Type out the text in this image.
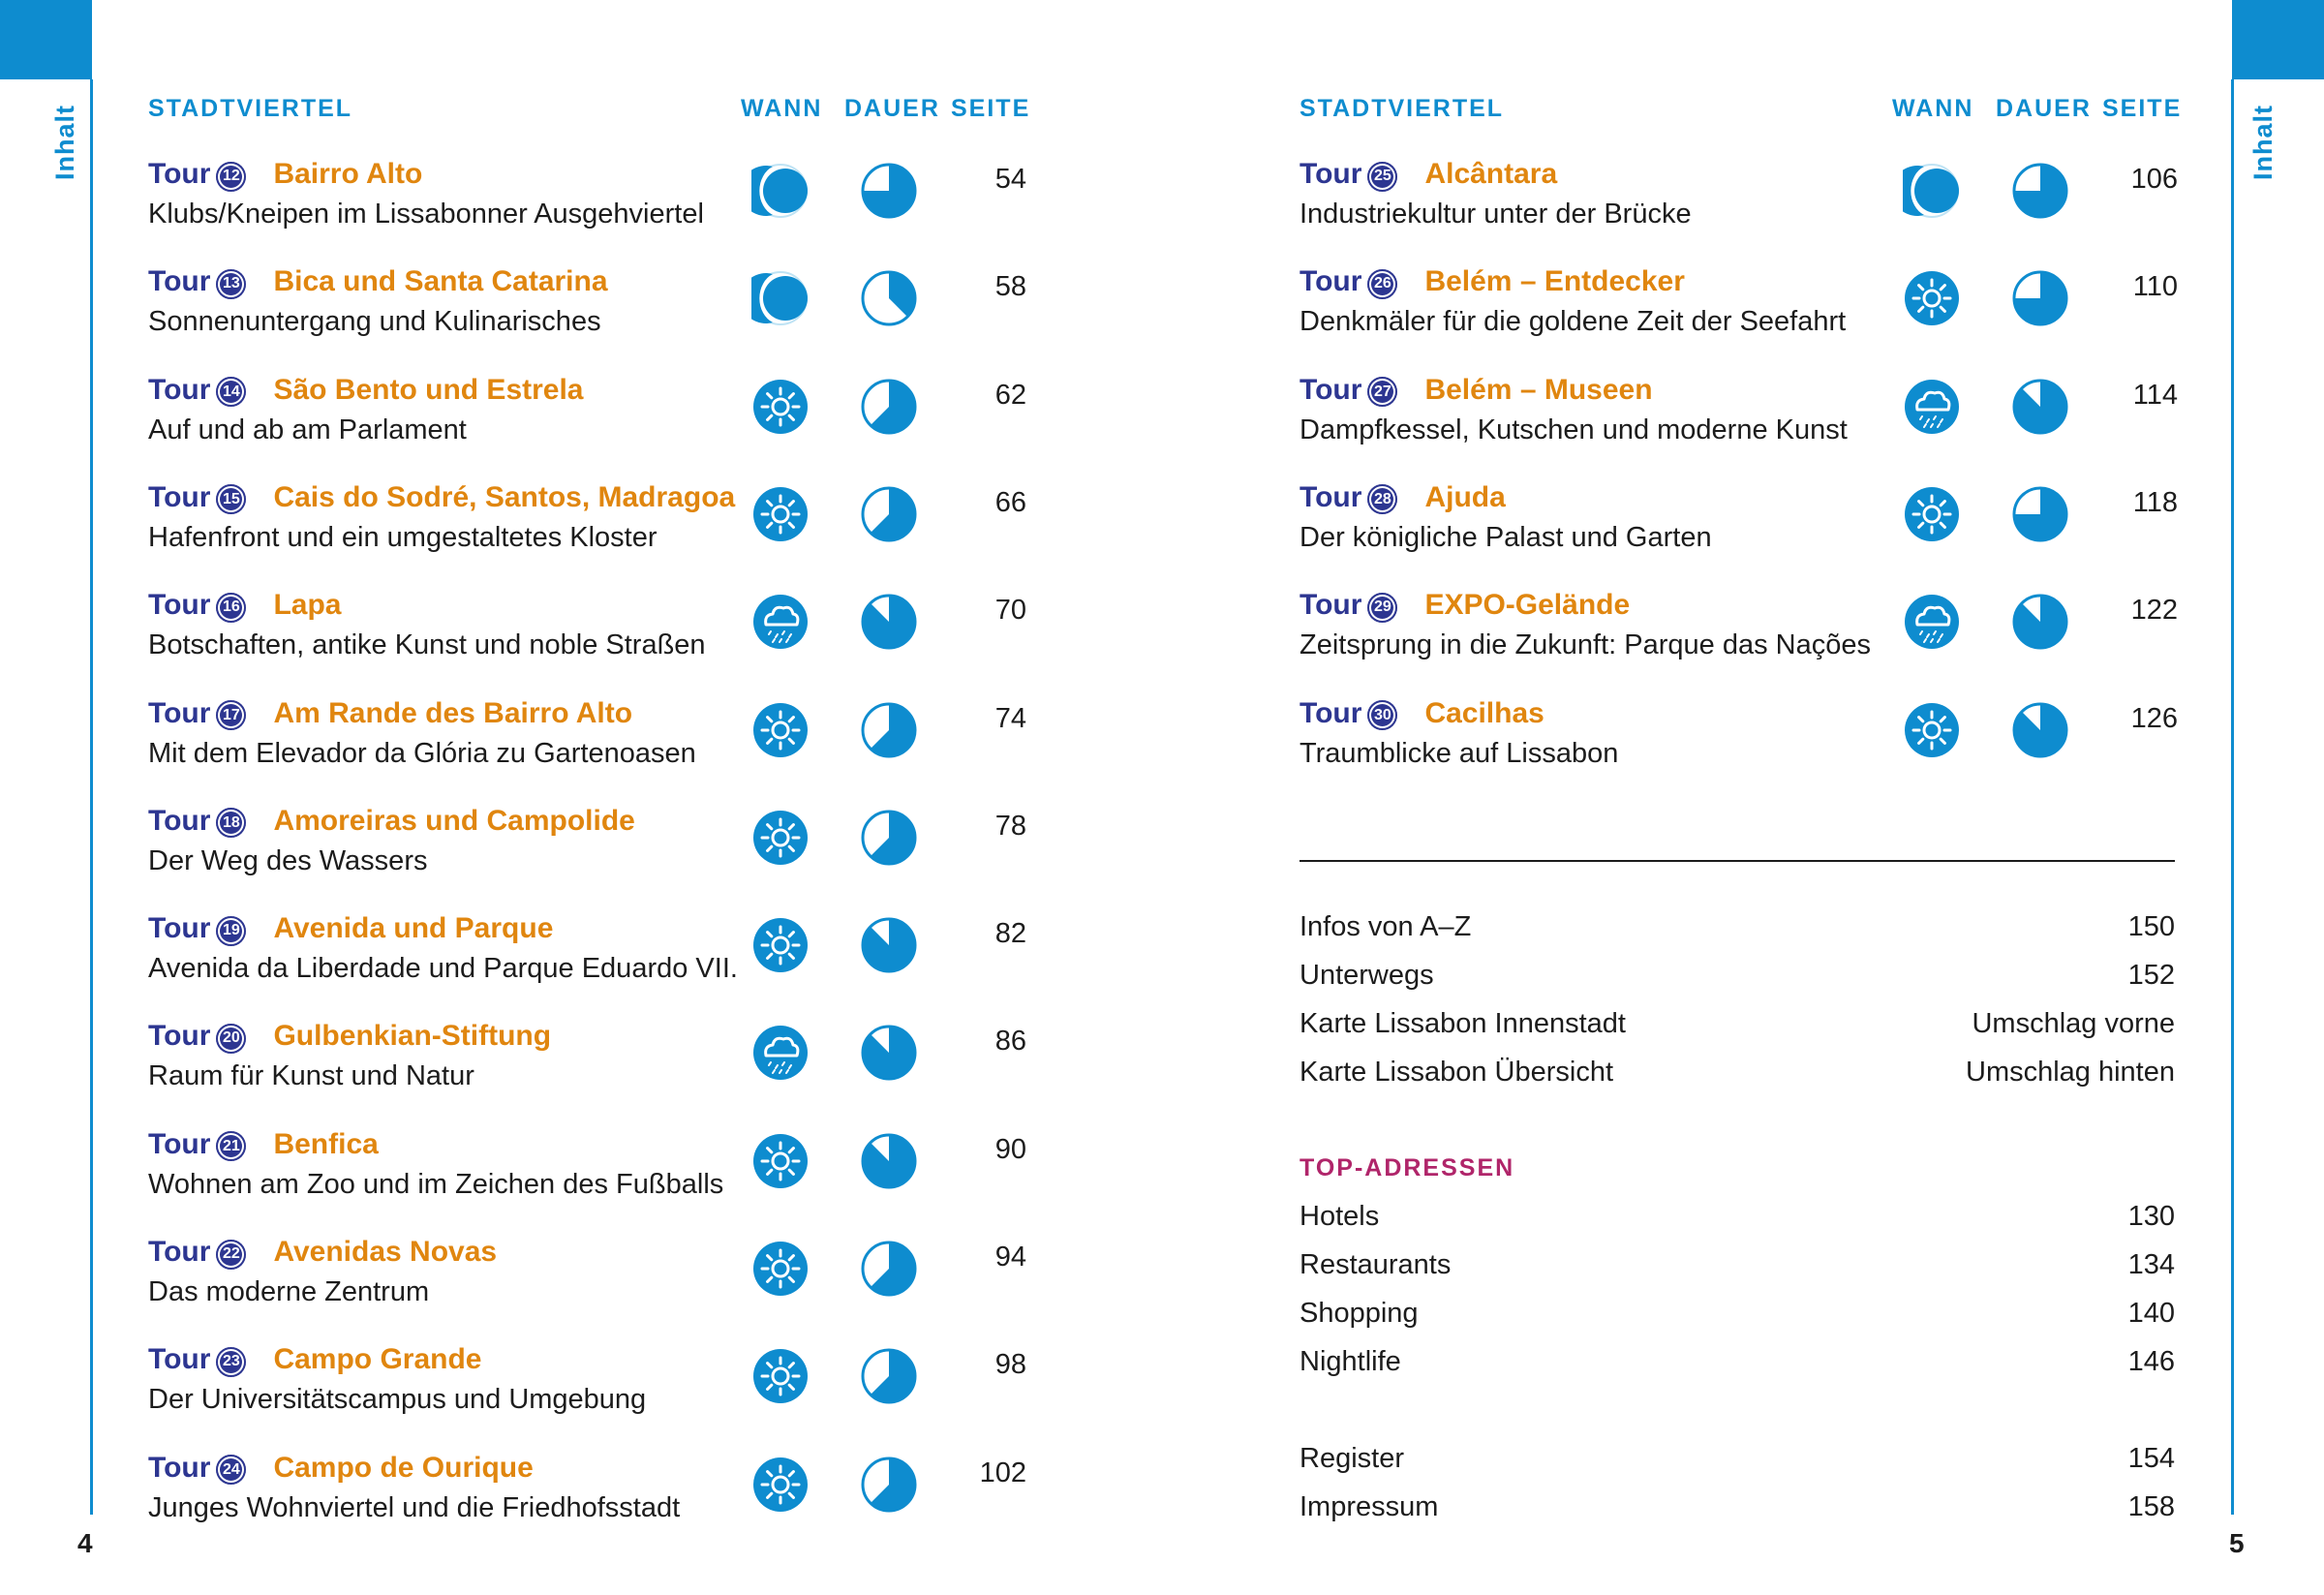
Inhalt	Inhalt
4	5
STADTVIERTEL	WANN DAUER SEITE	STADTVIERTEL	WANN DAUER SEITE
Tour 12 Bairro Alto
Klubs/Kneipen im Lissabonner Ausgehviertel
54
Tour 13 Bica und Santa Catarina
Sonnenuntergang und Kulinarisches
58
Tour 14 São Bento und Estrela
Auf und ab am Parlament
62
Tour 15 Cais do Sodré, Santos, Madragoa
Hafenfront und ein umgestaltetes Kloster
66
Tour 16 Lapa
Botschaften, antike Kunst und noble Straßen
70
Tour 17 Am Rande des Bairro Alto
Mit dem Elevador da Glória zu Gartenoasen
74
Tour 18 Amoreiras und Campolide
Der Weg des Wassers
78
Tour 19 Avenida und Parque
Avenida da Liberdade und Parque Eduardo VII.
82
Tour 20 Gulbenkian-Stiftung
Raum für Kunst und Natur
86
Tour 21 Benfica
Wohnen am Zoo und im Zeichen des Fußballs
90
Tour 22 Avenidas Novas
Das moderne Zentrum
94
Tour 23 Campo Grande
Der Universitätscampus und Umgebung
98
Tour 24 Campo de Ourique
Junges Wohnviertel und die Friedhofsstadt
102
Tour 25 Alcântara
Industriekultur unter der Brücke
106
Tour 26 Belém – Entdecker
Denkmäler für die goldene Zeit der Seefahrt
110
Tour 27 Belém – Museen
Dampfkessel, Kutschen und moderne Kunst
114
Tour 28 Ajuda
Der königliche Palast und Garten
118
Tour 29 EXPO-Gelände
Zeitsprung in die Zukunft: Parque das Nações
122
Tour 30 Cacilhas
Traumblicke auf Lissabon
126
Infos von A–Z	150
Unterwegs	152
Karte Lissabon Innenstadt	Umschlag vorne
Karte Lissabon Übersicht	Umschlag hinten
TOP-ADRESSEN
Hotels	130
Restaurants	134
Shopping	140
Nightlife	146
Register	154
Impressum	158
